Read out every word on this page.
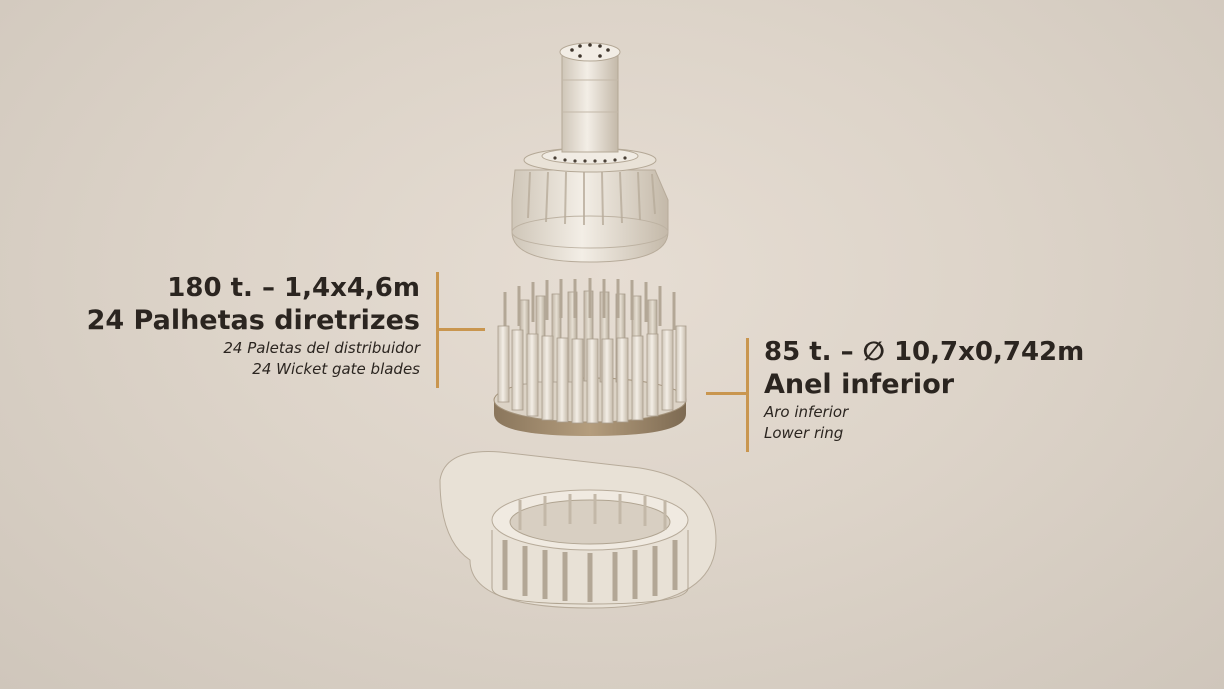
180 t. – 1,4x4,6m
24 Palhetas diretrizes
24 Paletas del distribuidor
24 Wicket gate blades
85 t. – ∅ 10,7x0,742m
Anel inferior
Aro inferior
Lower ring
